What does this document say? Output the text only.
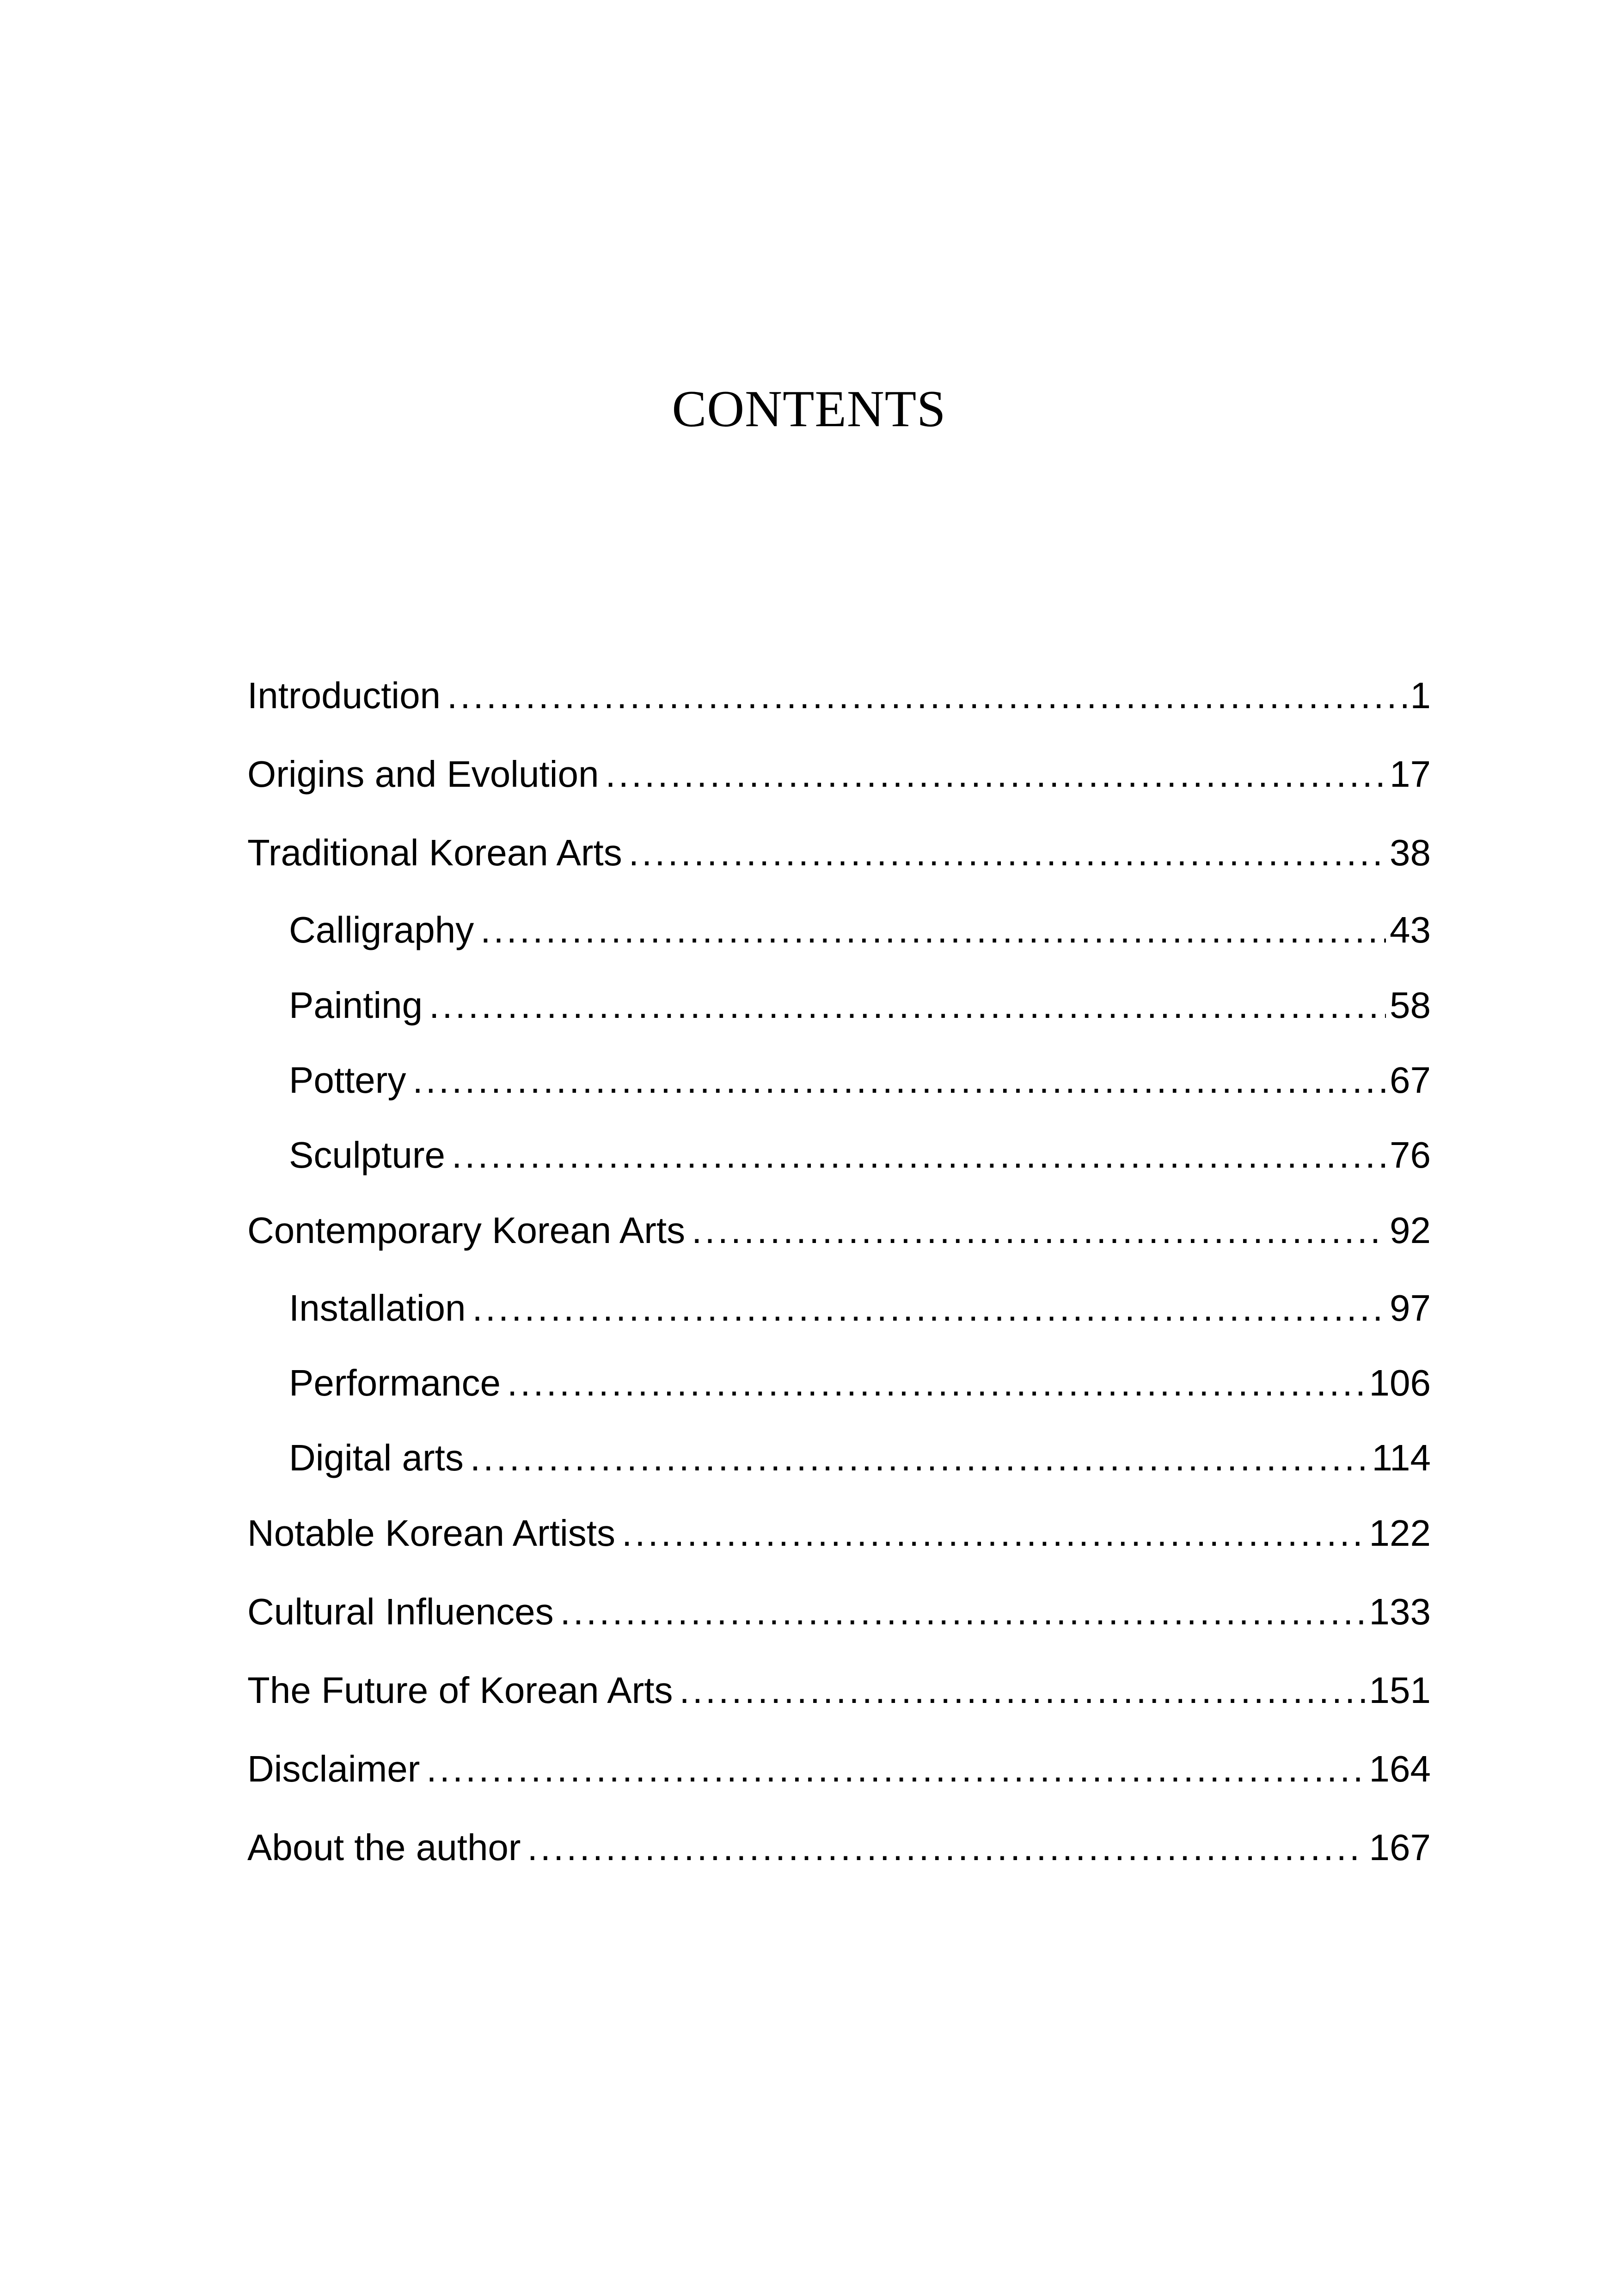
CONTENTS
Introduction .....	1
Origins and Evolution .....	17
Traditional Korean Arts .....	38
Calligraphy .....	43
Painting .....	58
Pottery .....	67
Sculpture .....	76
Contemporary Korean Arts .....	92
Installation .....	97
Performance .....	106
Digital arts .....	114
Notable Korean Artists .....	122
Cultural Influences .....	133
The Future of Korean Arts .....	151
Disclaimer .....	164
About the author .....	167
